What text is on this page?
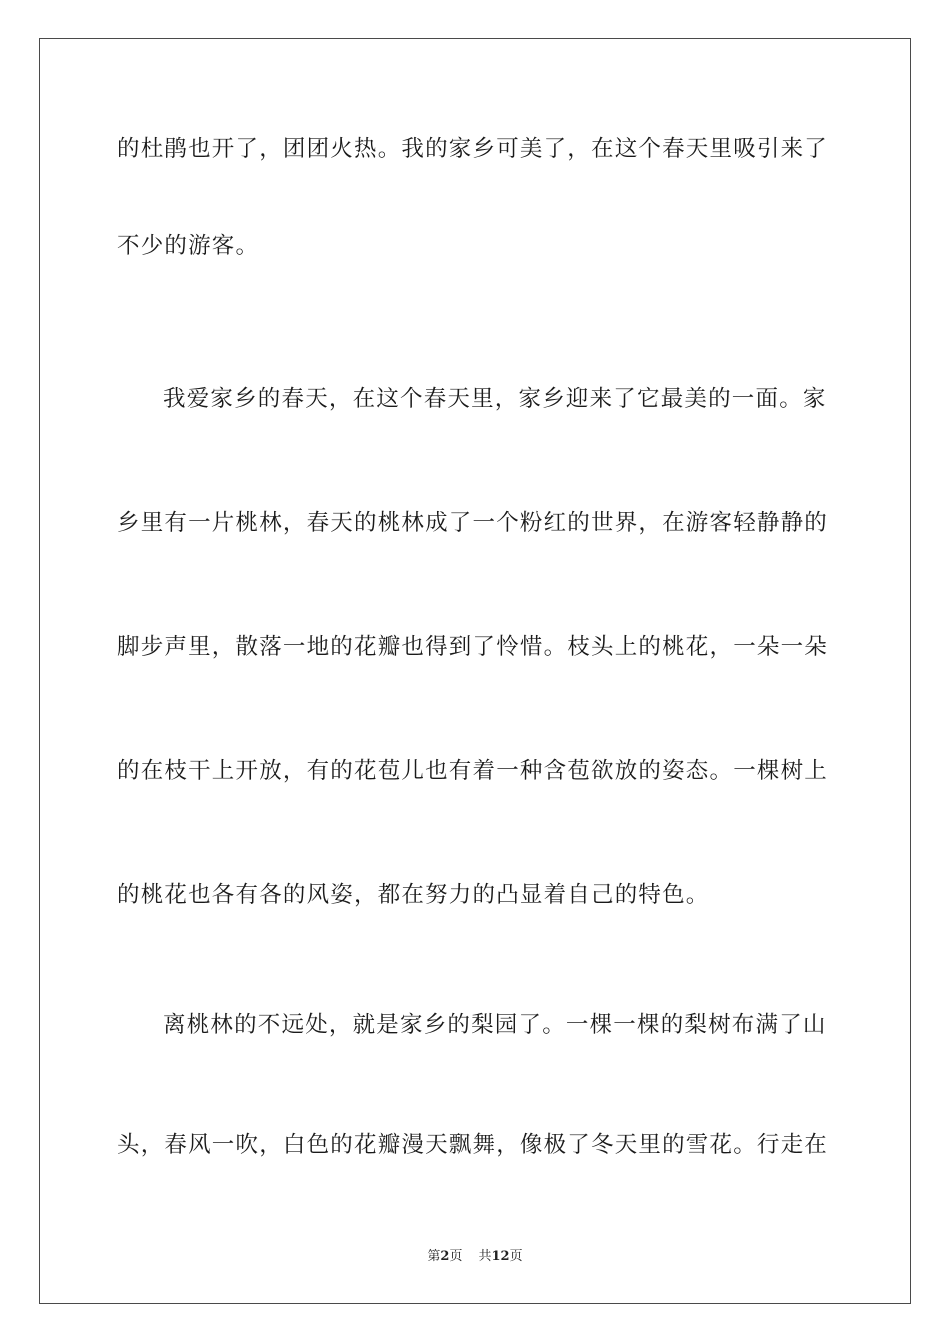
的杜鹃也开了，团团火热。我的家乡可美了，在这个春天里吸引来了
不少的游客。
我爱家乡的春天，在这个春天里，家乡迎来了它最美的一面。家
乡里有一片桃林，春天的桃林成了一个粉红的世界，在游客轻静静的
脚步声里，散落一地的花瓣也得到了怜惜。枝头上的桃花，一朵一朵
的在枝干上开放，有的花苞儿也有着一种含苞欲放的姿态。一棵树上
的桃花也各有各的风姿，都在努力的凸显着自己的特色。
离桃林的不远处，就是家乡的梨园了。一棵一棵的梨树布满了山
头，春风一吹，白色的花瓣漫天飘舞，像极了冬天里的雪花。行走在
第2页 共12页
